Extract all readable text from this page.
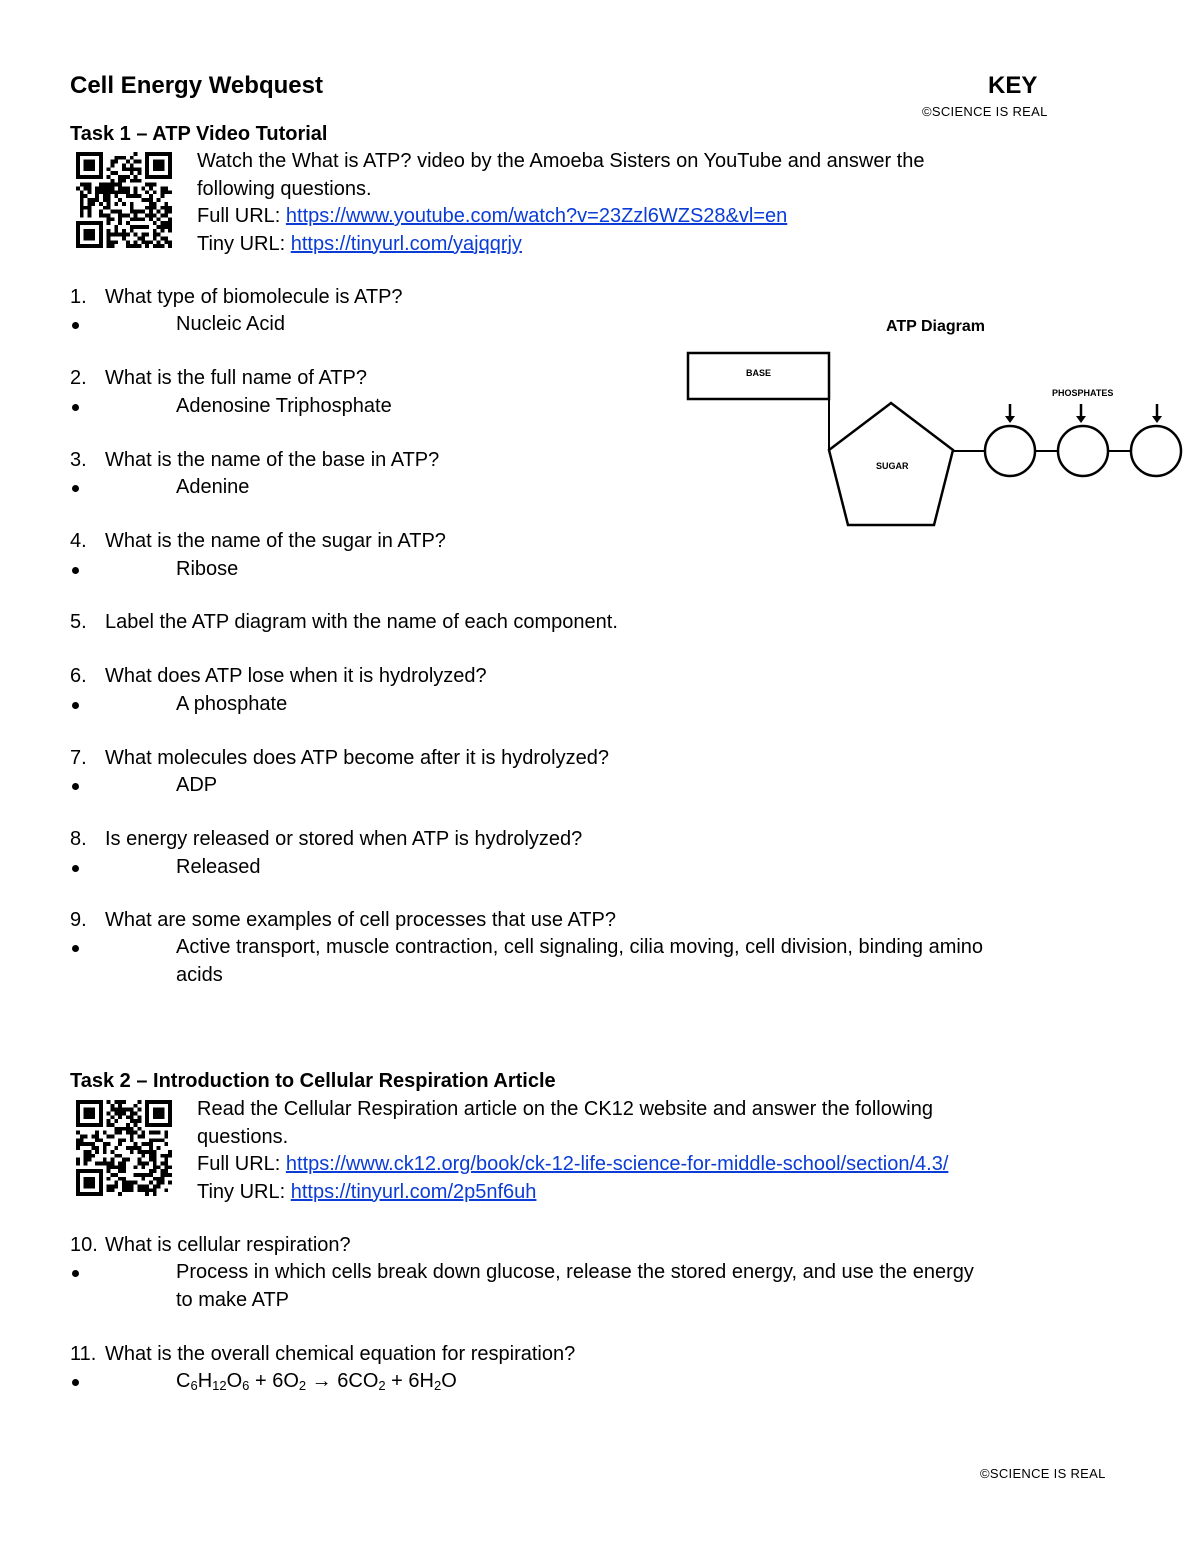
Cell Energy Webquest	KEY
©SCIENCE IS REAL
Task 1 – ATP Video Tutorial
Watch the What is ATP? video by the Amoeba Sisters on YouTube and answer the
following questions.
Full URL: https://www.youtube.com/watch?v=23Zzl6WZS28&vl=en
Tiny URL: https://tinyurl.com/yajqqrjy
1. What type of biomolecule is ATP?
Nucleic Acid
2. What is the full name of ATP?
Adenosine Triphosphate
3. What is the name of the base in ATP?
Adenine
4. What is the name of the sugar in ATP?
Ribose
5. Label the ATP diagram with the name of each component.
6. What does ATP lose when it is hydrolyzed?
A phosphate
7. What molecules does ATP become after it is hydrolyzed?
ADP
8. Is energy released or stored when ATP is hydrolyzed?
Released
9. What are some examples of cell processes that use ATP?
Active transport, muscle contraction, cell signaling, cilia moving, cell division, binding amino
acids
ATP Diagram
BASE
SUGAR
PHOSPHATES
Task 2 – Introduction to Cellular Respiration Article
Read the Cellular Respiration article on the CK12 website and answer the following
questions.
Full URL: https://www.ck12.org/book/ck-12-life-science-for-middle-school/section/4.3/
Tiny URL: https://tinyurl.com/2p5nf6uh
10. What is cellular respiration?
Process in which cells break down glucose, release the stored energy, and use the energy
to make ATP
11. What is the overall chemical equation for respiration?
$C_6H_{12}O_6 + 6O_2 \to 6CO_2 + 6H_2O$
©SCIENCE IS REAL
